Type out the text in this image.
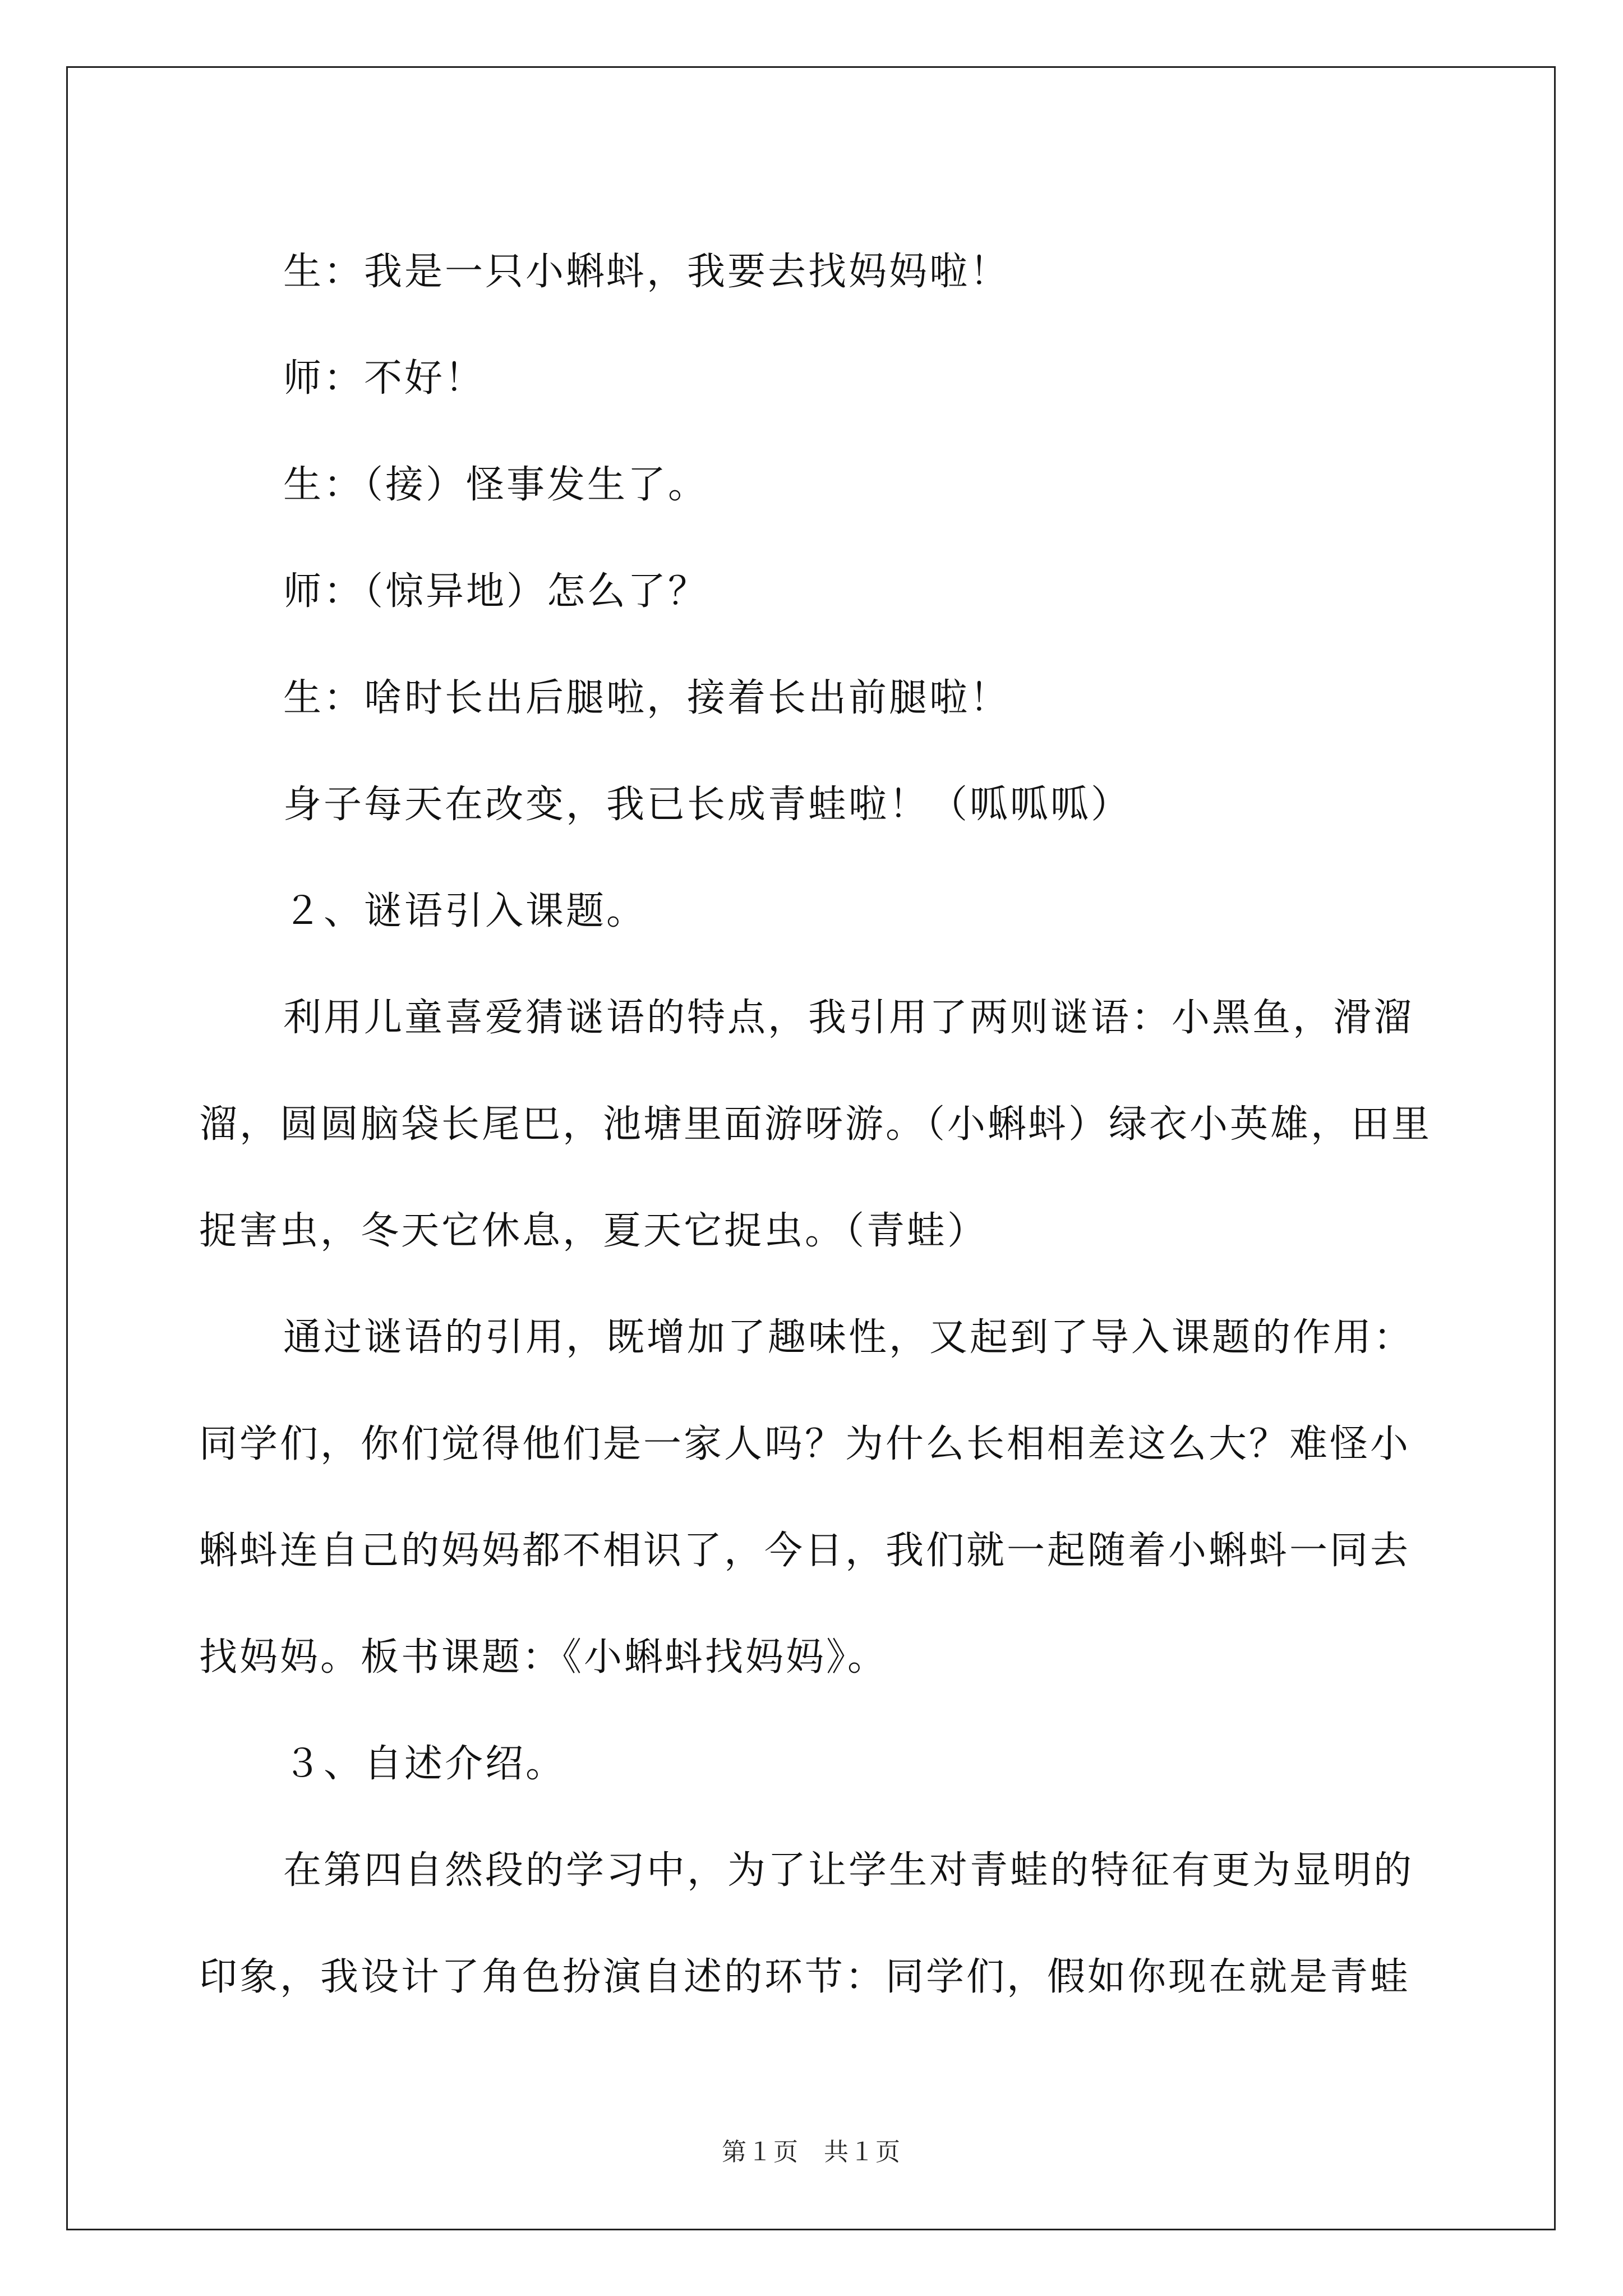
生：我是一只小蝌蚪，我要去找妈妈啦！
师：不好！
生：（接）怪事发生了。
师：（惊异地）怎么了？
生：啥时长出后腿啦，接着长出前腿啦！
身子每天在改变，我已长成青蛙啦！（呱呱呱）
２、谜语引入课题。
利用儿童喜爱猜谜语的特点，我引用了两则谜语：小黑鱼，滑溜
溜，圆圆脑袋长尾巴，池塘里面游呀游。（小蝌蚪）绿衣小英雄，田里
捉害虫，冬天它休息，夏天它捉虫。（青蛙）
通过谜语的引用，既增加了趣味性，又起到了导入课题的作用：
同学们，你们觉得他们是一家人吗？为什么长相相差这么大？难怪小
蝌蚪连自己的妈妈都不相识了，今日，我们就一起随着小蝌蚪一同去
找妈妈。板书课题：《小蝌蚪找妈妈》。
３、自述介绍。
在第四自然段的学习中，为了让学生对青蛙的特征有更为显明的
印象，我设计了角色扮演自述的环节：同学们，假如你现在就是青蛙
第１页 共１页
